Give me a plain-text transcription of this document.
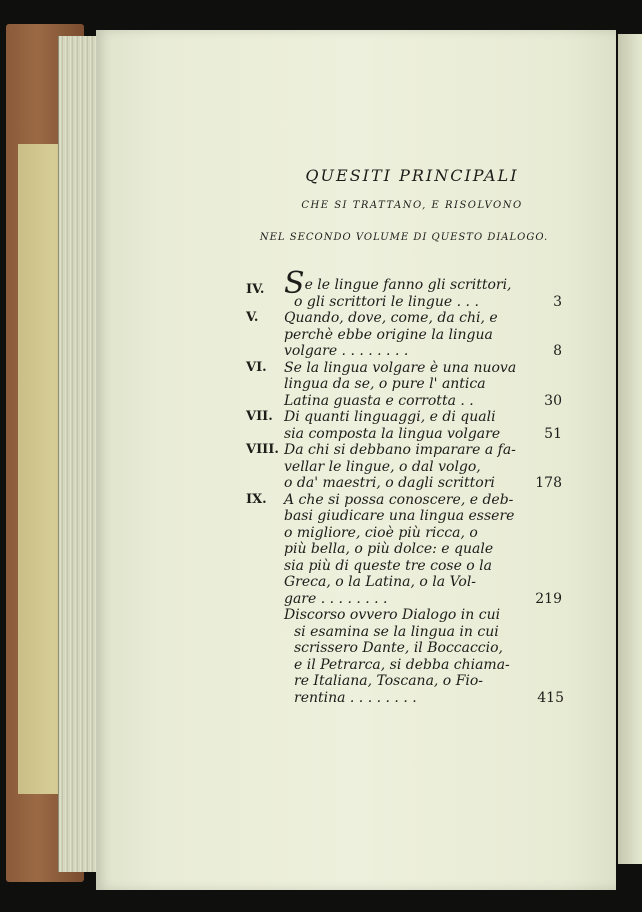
QUESITI PRINCIPALI
CHE SI TRATTANO, E RISOLVONO
NEL SECONDO VOLUME DI QUESTO DIALOGO.
IV. Se le lingue fanno gli scrittori,
o gli scrittori le lingue . . .	3
V. Quando, dove, come, da chi, e
perchè ebbe origine la lingua
volgare . . . . . . . .	8
VI. Se la lingua volgare è una nuova
lingua da se, o pure l' antica
Latina guasta e corrotta . .	30
VII. Di quanti linguaggi, e di quali
sia composta la lingua volgare	51
VIII. Da chi si debbano imparare a fa-
vellar le lingue, o dal volgo,
o da' maestri, o dagli scrittori	178
IX. A che si possa conoscere, e deb-
basi giudicare una lingua essere
o migliore, cioè più ricca, o
più bella, o più dolce: e quale
sia più di queste tre cose o la
Greca, o la Latina, o la Vol-
gare . . . . . . . .	219
Discorso ovvero Dialogo in cui
si esamina se la lingua in cui
scrissero Dante, il Boccaccio,
e il Petrarca, si debba chiama-
re Italiana, Toscana, o Fio-
rentina . . . . . . . .	415
